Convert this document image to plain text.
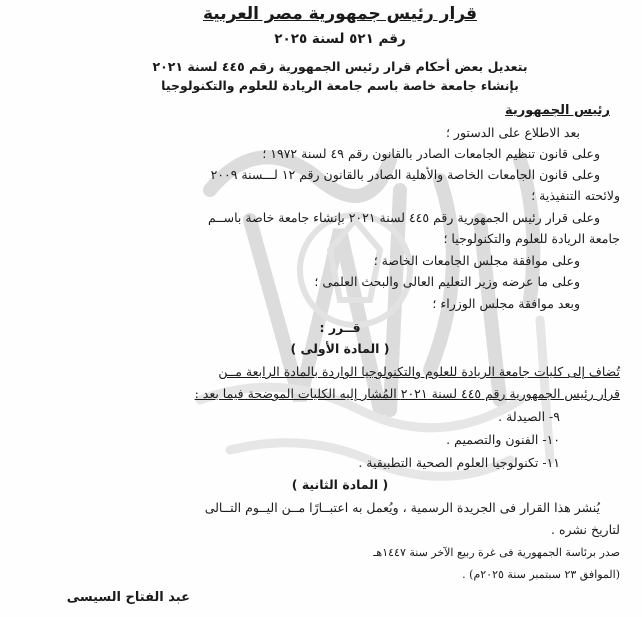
قرار رئيس جمهورية مصر العربية
رقم ٥٢١ لسنة ٢٠٢٥
بتعديل بعض أحكام قرار رئيس الجمهورية رقم ٤٤٥ لسنة ٢٠٢١
بإنشاء جامعة خاصة باسم جامعة الريادة للعلوم والتكنولوجيا
رئيس الجمهورية
بعد الاطلاع على الدستور ؛
وعلى قانون تنظيم الجامعات الصادر بالقانون رقم ٤٩ لسنة ١٩٧٢ ؛
وعلى قانون الجامعات الخاصة والأهلية الصادر بالقانون رقم ١٢ لـــسنة ٢٠٠٩
ولائحته التنفيذية ؛
وعلى قرار رئيس الجمهورية رقم ٤٤٥ لسنة ٢٠٢١ بإنشاء جامعة خاصة باســم
جامعة الريادة للعلوم والتكنولوجيا ؛
وعلى موافقة مجلس الجامعات الخاصة ؛
وعلى ما عرضه وزير التعليم العالى والبحث العلمى ؛
وبعد موافقة مجلس الوزراء ؛
قــرر :
( المادة الأولى )
تُضاف إلى كليات جامعة الريادة للعلوم والتكنولوجيا الواردة بالمادة الرابعة مــن
قرار رئيس الجمهورية رقم ٤٤٥ لسنة ٢٠٢١ المُشار إليه الكليات الموضحة فيما بعد :
٩- الصيدلة .
١٠- الفنون والتصميم .
١١- تكنولوجيا العلوم الصحية التطبيقية .
( المادة الثانية )
يُنشر هذا القرار فى الجريدة الرسمية ، ويُعمل به اعتبــارًا مــن اليــوم التــالى
لتاريخ نشره .
صدر برئاسة الجمهورية فى غرة ربيع الآخر سنة ١٤٤٧هـ
(الموافق ٢٣ سبتمبر سنة ٢٠٢٥م) .
عبد الفتاح السيسى
